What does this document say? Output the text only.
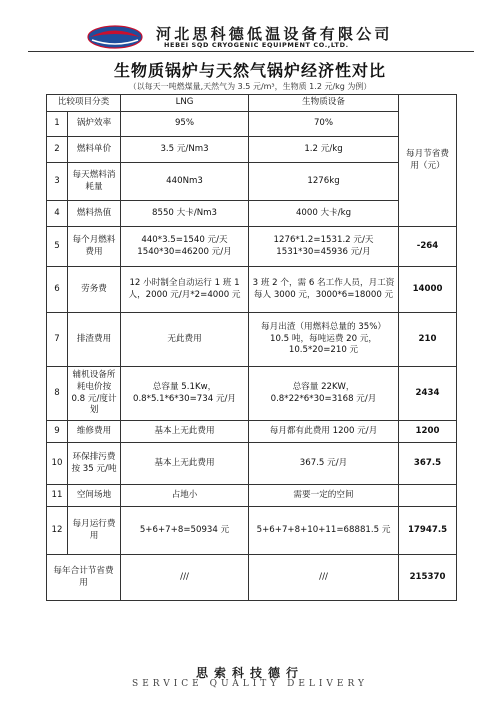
河北思科德低温设备有限公司
HEBEI SQD CRYOGENIC EQUIPMENT CO.,LTD.
生物质锅炉与天然气锅炉经济性对比
（以每天一吨燃煤量,天然气为 3.5 元/m³，生物质 1.2 元/kg 为例）
比较项目分类		LNG	生物质设备	每月节省费用（元）
1	锅炉效率	95%	70%	
2	燃料单价	3.5 元/Nm3	1.2 元/kg	
3	每天燃料消耗量	440Nm3	1276kg	
4	燃料热值	8550 大卡/Nm3	4000 大卡/kg	
5	每个月燃料费用	440*3.5=1540 元/天 1540*30=46200 元/月	1276*1.2=1531.2 元/天 1531*30=45936 元/月	-264
6	劳务费	12 小时制全自动运行 1 班 1 人，2000 元/月*2=4000 元	3 班 2 个，需 6 名工作人员，月工资每人 3000 元，3000*6=18000 元	14000
7	排渣费用	无此费用	每月出渣（用燃料总量的 35%）10.5 吨，每吨运费 20 元，10.5*20=210 元	210
8	辅机设备所耗电价按 0.8 元/度计划	总容量 5.1Kw，0.8*5.1*6*30=734 元/月	总容量 22KW，0.8*22*6*30=3168 元/月	2434
9	维修费用	基本上无此费用	每月都有此费用 1200 元/月	1200
10	环保排污费按 35 元/吨	基本上无此费用	367.5 元/月	367.5
11	空间场地	占地小	需要一定的空间	
12	每月运行费用	5+6+7+8=50934 元	5+6+7+8+10+11=68881.5 元	17947.5
每年合计节省费用		///	///	215370
思索科技德行
SERVICE QUALITY DELIVERY
